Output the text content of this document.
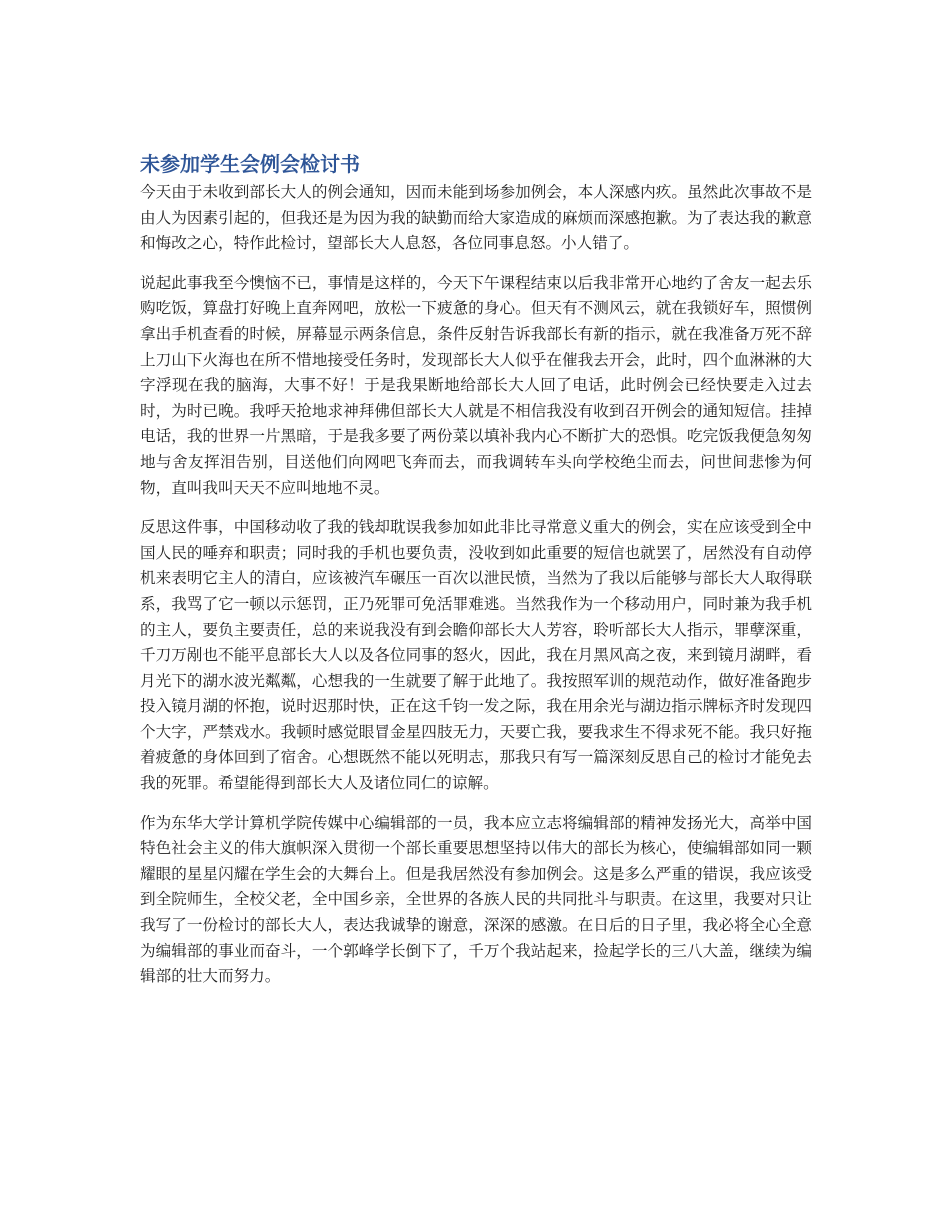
未参加学生会例会检讨书

今天由于未收到部长大人的例会通知，因而未能到场参加例会，本人深感内疚。虽然此次事故不是由人为因素引起的，但我还是为因为我的缺勤而给大家造成的麻烦而深感抱歉。为了表达我的歉意和悔改之心，特作此检讨，望部长大人息怒，各位同事息怒。小人错了。

说起此事我至今懊恼不已，事情是这样的，今天下午课程结束以后我非常开心地约了舍友一起去乐购吃饭，算盘打好晚上直奔网吧，放松一下疲惫的身心。但天有不测风云，就在我锁好车，照惯例拿出手机查看的时候，屏幕显示两条信息，条件反射告诉我部长有新的指示，就在我准备万死不辞上刀山下火海也在所不惜地接受任务时，发现部长大人似乎在催我去开会，此时，四个血淋淋的大字浮现在我的脑海，大事不好！于是我果断地给部长大人回了电话，此时例会已经快要走入过去时，为时已晚。我呼天抢地求神拜佛但部长大人就是不相信我没有收到召开例会的通知短信。挂掉电话，我的世界一片黑暗，于是我多要了两份菜以填补我内心不断扩大的恐惧。吃完饭我便急匆匆地与舍友挥泪告别，目送他们向网吧飞奔而去，而我调转车头向学校绝尘而去，问世间悲惨为何物，直叫我叫天天不应叫地地不灵。

反思这件事，中国移动收了我的钱却耽误我参加如此非比寻常意义重大的例会，实在应该受到全中国人民的唾弃和职责；同时我的手机也要负责，没收到如此重要的短信也就罢了，居然没有自动停机来表明它主人的清白，应该被汽车碾压一百次以泄民愤，当然为了我以后能够与部长大人取得联系，我骂了它一顿以示惩罚，正乃死罪可免活罪难逃。当然我作为一个移动用户，同时兼为我手机的主人，要负主要责任，总的来说我没有到会瞻仰部长大人芳容，聆听部长大人指示，罪孽深重，千刀万剐也不能平息部长大人以及各位同事的怒火，因此，我在月黑风高之夜，来到镜月湖畔，看月光下的湖水波光粼粼，心想我的一生就要了解于此地了。我按照军训的规范动作，做好准备跑步投入镜月湖的怀抱，说时迟那时快，正在这千钧一发之际，我在用余光与湖边指示牌标齐时发现四个大字，严禁戏水。我顿时感觉眼冒金星四肢无力，天要亡我，要我求生不得求死不能。我只好拖着疲惫的身体回到了宿舍。心想既然不能以死明志，那我只有写一篇深刻反思自己的检讨才能免去我的死罪。希望能得到部长大人及诸位同仁的谅解。

作为东华大学计算机学院传媒中心编辑部的一员，我本应立志将编辑部的精神发扬光大，高举中国特色社会主义的伟大旗帜深入贯彻一个部长重要思想坚持以伟大的部长为核心，使编辑部如同一颗耀眼的星星闪耀在学生会的大舞台上。但是我居然没有参加例会。这是多么严重的错误，我应该受到全院师生，全校父老，全中国乡亲，全世界的各族人民的共同批斗与职责。在这里，我要对只让我写了一份检讨的部长大人，表达我诚挚的谢意，深深的感激。在日后的日子里，我必将全心全意为编辑部的事业而奋斗，一个郭峰学长倒下了，千万个我站起来，捡起学长的三八大盖，继续为编辑部的壮大而努力。
